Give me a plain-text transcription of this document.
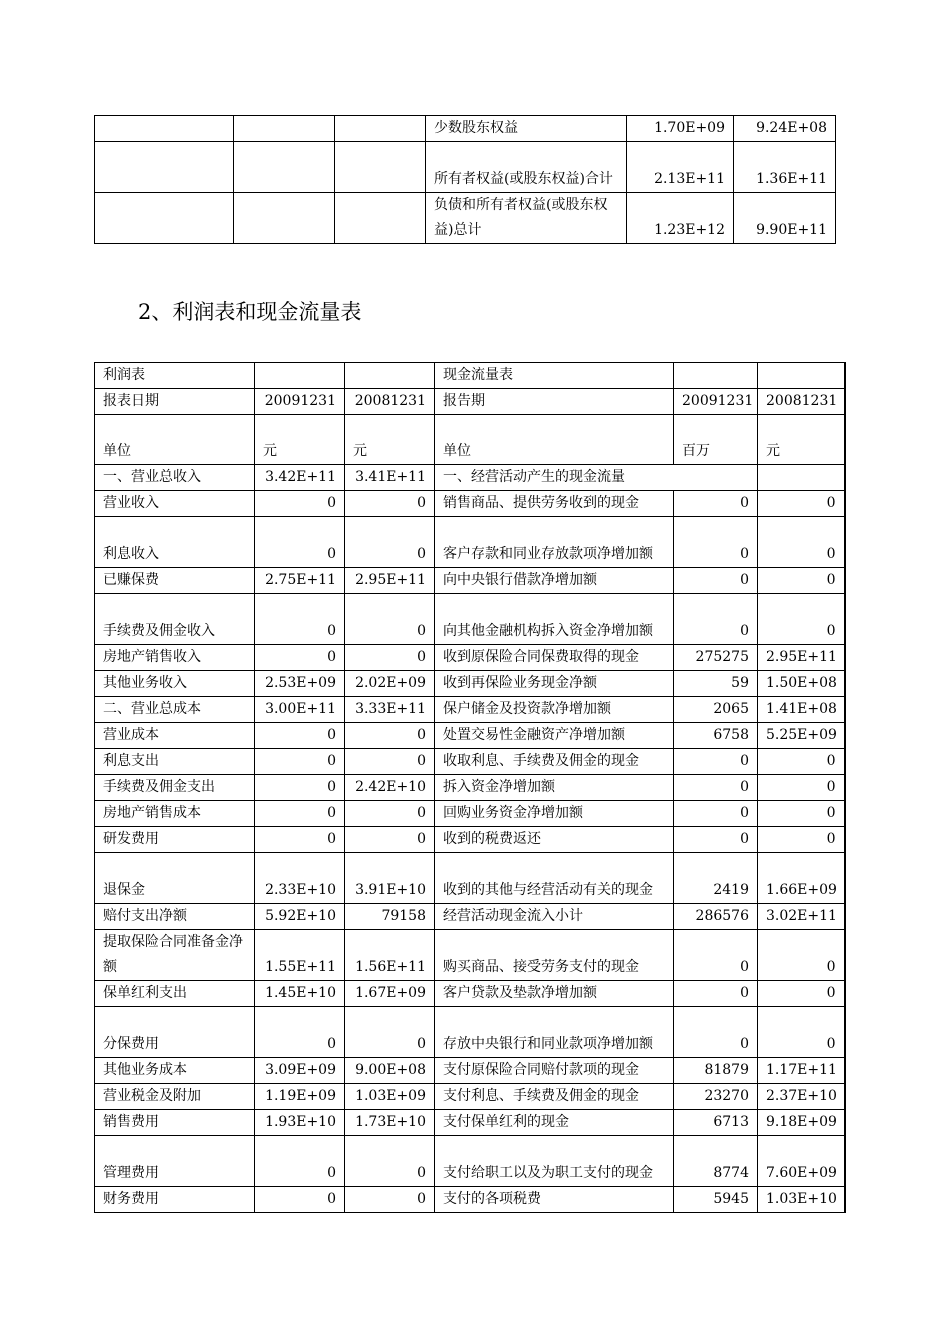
			少数股东权益	1.70E+09	9.24E+08
			所有者权益(或股东权益)合计	2.13E+11	1.36E+11
			负债和所有者权益(或股东权益)总计	1.23E+12	9.90E+11
2、利润表和现金流量表
利润表			现金流量表		
报表日期	20091231	20081231	报告期	20091231	20081231
单位	元	元	单位	百万	元
一、营业总收入	3.42E+11	3.41E+11	一、经营活动产生的现金流量		
营业收入	0	0	销售商品、提供劳务收到的现金	0	0
利息收入	0	0	客户存款和同业存放款项净增加额	0	0
已赚保费	2.75E+11	2.95E+11	向中央银行借款净增加额	0	0
手续费及佣金收入	0	0	向其他金融机构拆入资金净增加额	0	0
房地产销售收入	0	0	收到原保险合同保费取得的现金	275275	2.95E+11
其他业务收入	2.53E+09	2.02E+09	收到再保险业务现金净额	59	1.50E+08
二、营业总成本	3.00E+11	3.33E+11	保户储金及投资款净增加额	2065	1.41E+08
营业成本	0	0	处置交易性金融资产净增加额	6758	5.25E+09
利息支出	0	0	收取利息、手续费及佣金的现金	0	0
手续费及佣金支出	0	2.42E+10	拆入资金净增加额	0	0
房地产销售成本	0	0	回购业务资金净增加额	0	0
研发费用	0	0	收到的税费返还	0	0
退保金	2.33E+10	3.91E+10	收到的其他与经营活动有关的现金	2419	1.66E+09
赔付支出净额	5.92E+10	79158	经营活动现金流入小计	286576	3.02E+11
提取保险合同准备金净额	1.55E+11	1.56E+11	购买商品、接受劳务支付的现金	0	0
保单红利支出	1.45E+10	1.67E+09	客户贷款及垫款净增加额	0	0
分保费用	0	0	存放中央银行和同业款项净增加额	0	0
其他业务成本	3.09E+09	9.00E+08	支付原保险合同赔付款项的现金	81879	1.17E+11
营业税金及附加	1.19E+09	1.03E+09	支付利息、手续费及佣金的现金	23270	2.37E+10
销售费用	1.93E+10	1.73E+10	支付保单红利的现金	6713	9.18E+09
管理费用	0	0	支付给职工以及为职工支付的现金	8774	7.60E+09
财务费用	0	0	支付的各项税费	5945	1.03E+10
